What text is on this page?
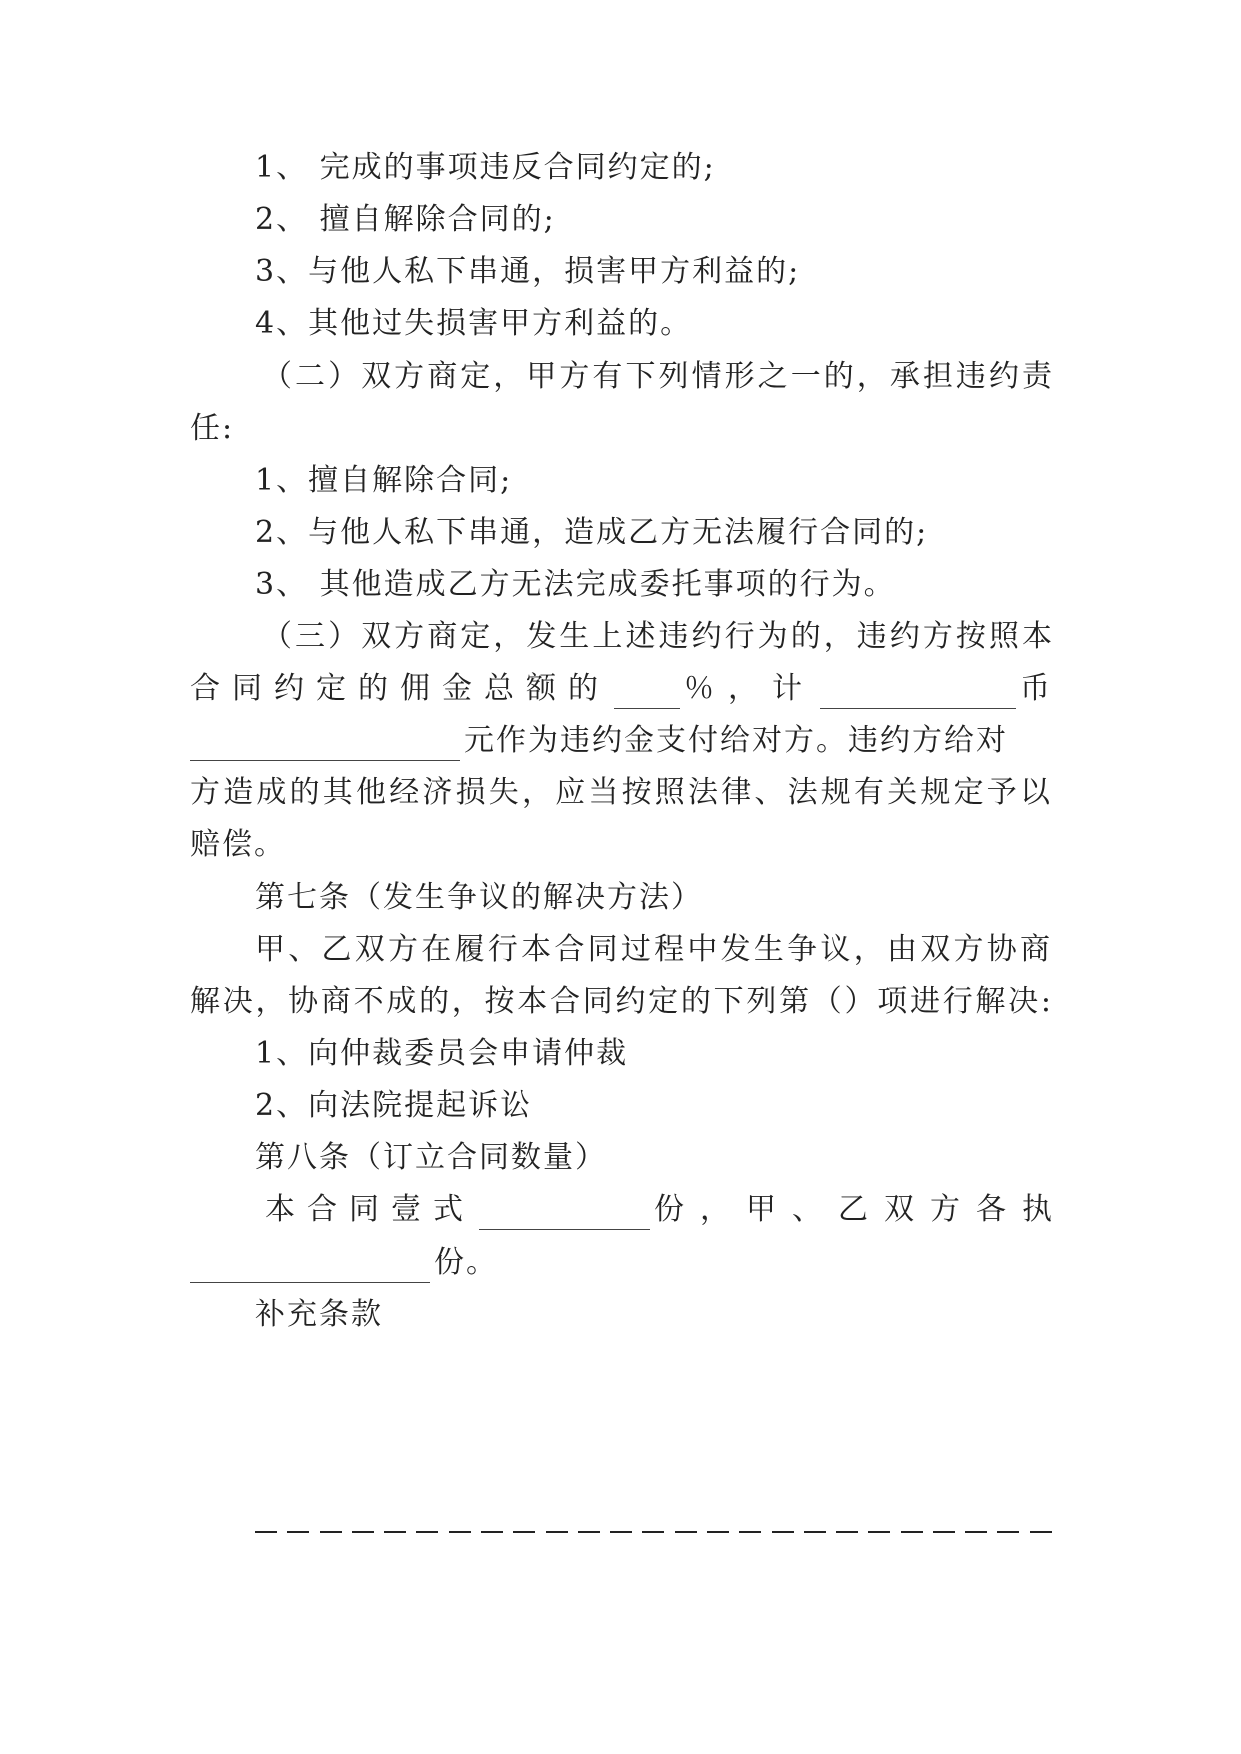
1、 完成的事项违反合同约定的;
2、 擅自解除合同的;
3、与他人私下串通，损害甲方利益的;
4、其他过失损害甲方利益的。
（二）双方商定，甲方有下列情形之一的，承担违约责
任:
1、擅自解除合同;
2、与他人私下串通，造成乙方无法履行合同的;
3、 其他造成乙方无法完成委托事项的行为。
（三）双方商定，发生上述违约行为的，违约方按照本
合同约定的佣金总额的 ％，计	币
元作为违约金支付给对方。违约方给对
方造成的其他经济损失，应当按照法律、法规有关规定予以
赔偿。
第七条（发生争议的解决方法）
甲、乙双方在履行本合同过程中发生争议，由双方协商
解决，协商不成的，按本合同约定的下列第（）项进行解决:
1、向仲裁委员会申请仲裁
2、向法院提起诉讼
第八条（订立合同数量）
本合同壹式	份，甲、乙双方各执
份。
补充条款
